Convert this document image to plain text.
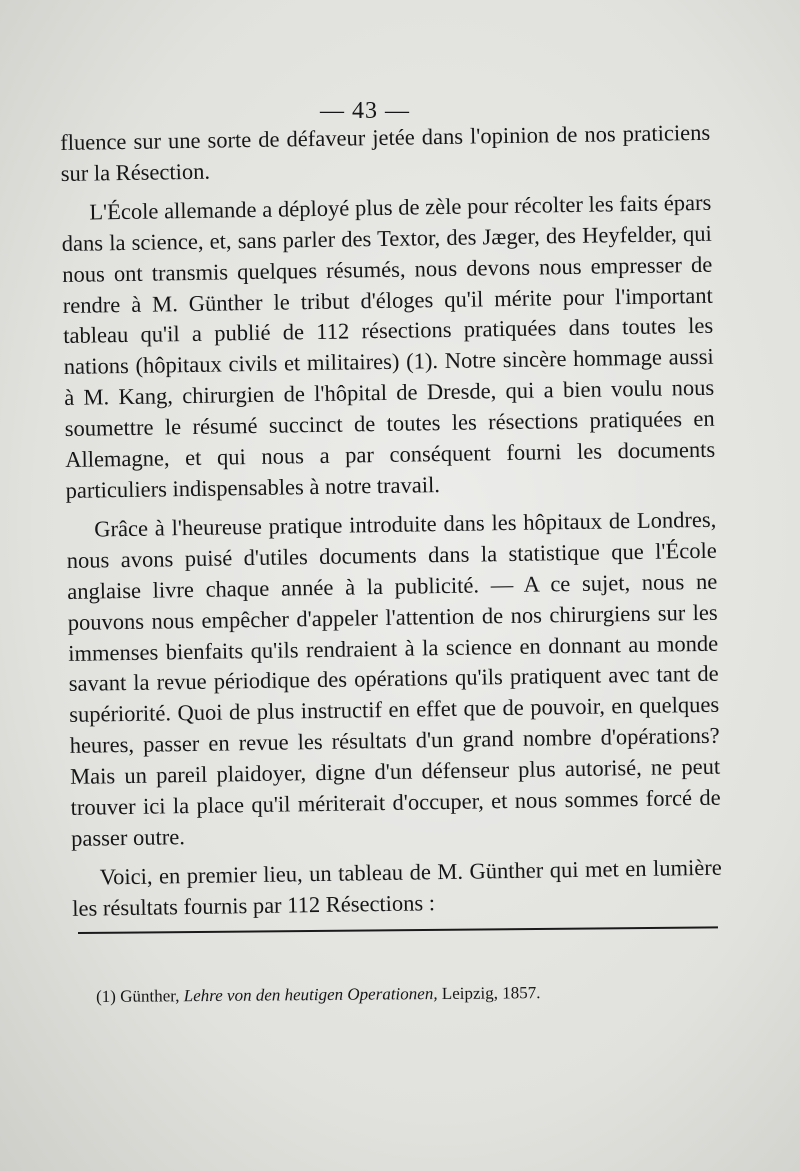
— 43 —

fluence sur une sorte de défaveur jetée dans l'opinion de nos praticiens sur la Résection.

L'École allemande a déployé plus de zèle pour récolter les faits épars dans la science, et, sans parler des Textor, des Jæger, des Heyfelder, qui nous ont transmis quelques résumés, nous devons nous empresser de rendre à M. Günther le tribut d'éloges qu'il mérite pour l'important tableau qu'il a publié de 112 résections pratiquées dans toutes les nations (hôpitaux civils et militaires) (1). Notre sincère hommage aussi à M. Kang, chirurgien de l'hôpital de Dresde, qui a bien voulu nous soumettre le résumé succinct de toutes les résections pratiquées en Allemagne, et qui nous a par conséquent fourni les documents particuliers indispensables à notre travail.

Grâce à l'heureuse pratique introduite dans les hôpitaux de Londres, nous avons puisé d'utiles documents dans la statistique que l'École anglaise livre chaque année à la publicité. — A ce sujet, nous ne pouvons nous empêcher d'appeler l'attention de nos chirurgiens sur les immenses bienfaits qu'ils rendraient à la science en donnant au monde savant la revue périodique des opérations qu'ils pratiquent avec tant de supériorité. Quoi de plus instructif en effet que de pouvoir, en quelques heures, passer en revue les résultats d'un grand nombre d'opérations? Mais un pareil plaidoyer, digne d'un défenseur plus autorisé, ne peut trouver ici la place qu'il mériterait d'occuper, et nous sommes forcé de passer outre.

Voici, en premier lieu, un tableau de M. Günther qui met en lumière les résultats fournis par 112 Résections :

(1) Günther, Lehre von den heutigen Operationen, Leipzig, 1857.
